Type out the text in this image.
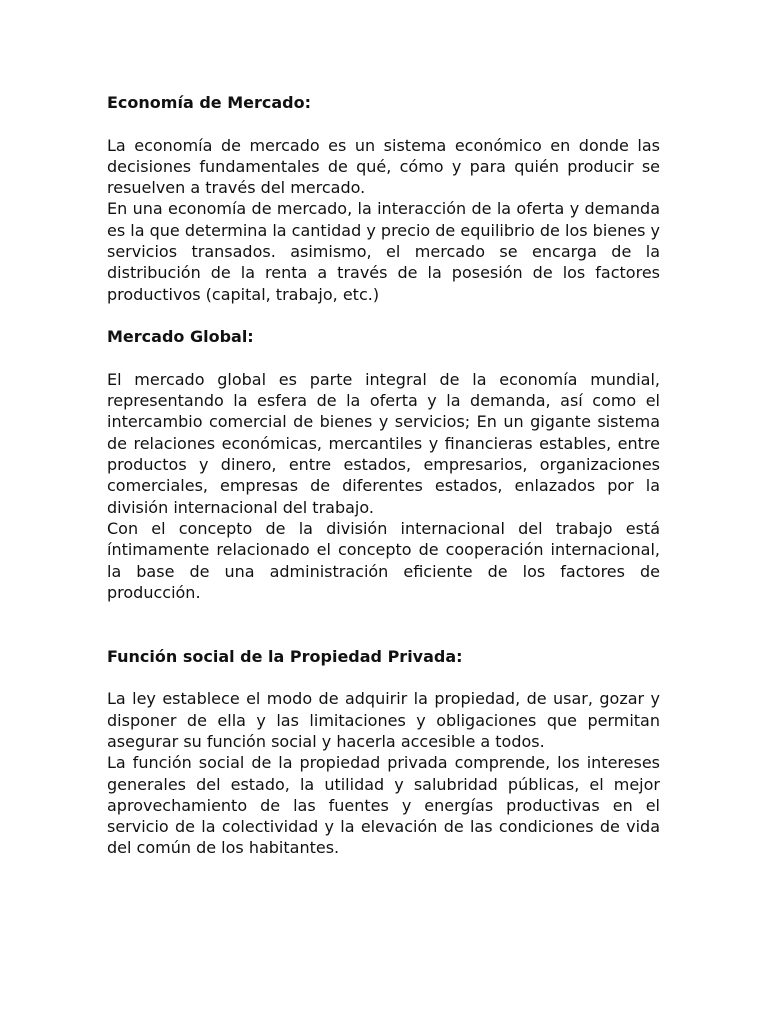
Economía de Mercado:

La economía de mercado es un sistema económico en donde las decisiones fundamentales de qué, cómo y para quién producir se resuelven a través del mercado.

En una economía de mercado, la interacción de la oferta y demanda es la que determina la cantidad y precio de equilibrio de los bienes y servicios transados. asimismo, el mercado se encarga de la distribución de la renta a través de la posesión de los factores productivos (capital, trabajo, etc.)

Mercado Global:

El mercado global es parte integral de la economía mundial, representando la esfera de la oferta y la demanda, así como el intercambio comercial de bienes y servicios; En un gigante sistema de relaciones económicas, mercantiles y financieras estables, entre productos y dinero, entre estados, empresarios, organizaciones comerciales, empresas de diferentes estados, enlazados por la división internacional del trabajo.

Con el concepto de la división internacional del trabajo está íntimamente relacionado el concepto de cooperación internacional, la base de una administración eficiente de los factores de producción.

Función social de la Propiedad Privada:

La ley establece el modo de adquirir la propiedad, de usar, gozar y disponer de ella y las limitaciones y obligaciones que permitan asegurar su función social y hacerla accesible a todos.

La función social de la propiedad privada comprende, los intereses generales del estado, la utilidad y salubridad públicas, el mejor aprovechamiento de las fuentes y energías productivas en el servicio de la colectividad y la elevación de las condiciones de vida del común de los habitantes.
